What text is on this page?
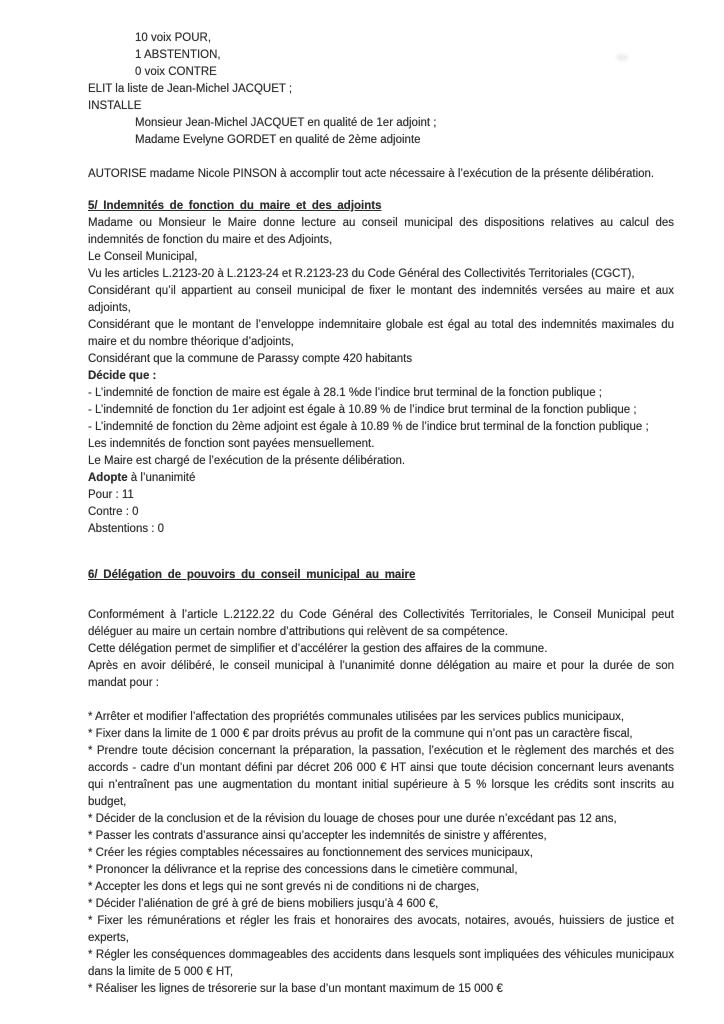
10 voix POUR,

1 ABSTENTION,

0 voix CONTRE

ELIT la liste de Jean-Michel JACQUET ;

INSTALLE

Monsieur Jean-Michel JACQUET en qualité de 1er adjoint ;

Madame Evelyne GORDET en qualité de 2ème adjointe

AUTORISE madame Nicole PINSON à accomplir tout acte nécessaire à l’exécution de la présente délibération.

5/ Indemnités de fonction du maire et des adjoints

Madame ou Monsieur le Maire donne lecture au conseil municipal des dispositions relatives au calcul des indemnités de fonction du maire et des Adjoints,

Le Conseil Municipal,

Vu les articles L.2123-20 à L.2123-24 et R.2123-23 du Code Général des Collectivités Territoriales (CGCT),

Considérant qu’il appartient au conseil municipal de fixer le montant des indemnités versées au maire et aux adjoints,

Considérant que le montant de l’enveloppe indemnitaire globale est égal au total des indemnités maximales du maire et du nombre théorique d’adjoints,

Considérant que la commune de Parassy compte 420 habitants

Décide que :

- L’indemnité de fonction de maire est égale à 28.1 %de l’indice brut terminal de la fonction publique ;

- L’indemnité de fonction du 1er adjoint est égale à 10.89 % de l’indice brut terminal de la fonction publique ;

- L’indemnité de fonction du 2ème adjoint est égale à 10.89 % de l’indice brut terminal de la fonction publique ;

Les indemnités de fonction sont payées mensuellement.

Le Maire est chargé de l’exécution de la présente délibération.

Adopte à l’unanimité

Pour : 11

Contre : 0

Abstentions : 0

6/ Délégation de pouvoirs du conseil municipal au maire

Conformément à l’article L.2122.22 du Code Général des Collectivités Territoriales, le Conseil Municipal peut déléguer au maire un certain nombre d’attributions qui relèvent de sa compétence.

Cette délégation permet de simplifier et d’accélérer la gestion des affaires de la commune.

Après en avoir délibéré, le conseil municipal à l’unanimité donne délégation au maire et pour la durée de son mandat pour :

* Arrêter et modifier l’affectation des propriétés communales utilisées par les services publics municipaux,

* Fixer dans la limite de 1 000 € par droits prévus au profit de la commune qui n’ont pas un caractère fiscal,

* Prendre toute décision concernant la préparation, la passation, l’exécution et le règlement des marchés et des accords - cadre d’un montant défini par décret 206 000 € HT ainsi que toute décision concernant leurs avenants qui n’entraînent pas une augmentation du montant initial supérieure à 5 % lorsque les crédits sont inscrits au budget,

* Décider de la conclusion et de la révision du louage de choses pour une durée n’excédant pas 12 ans,

* Passer les contrats d’assurance ainsi qu’accepter les indemnités de sinistre y afférentes,

* Créer les régies comptables nécessaires au fonctionnement des services municipaux,

* Prononcer la délivrance et la reprise des concessions dans le cimetière communal,

* Accepter les dons et legs qui ne sont grevés ni de conditions ni de charges,

* Décider l’aliénation de gré à gré de biens mobiliers jusqu’à 4 600 €,

* Fixer les rémunérations et régler les frais et honoraires des avocats, notaires, avoués, huissiers de justice et experts,

* Régler les conséquences dommageables des accidents dans lesquels sont impliquées des véhicules municipaux dans la limite de 5 000 € HT,

* Réaliser les lignes de trésorerie sur la base d’un montant maximum de 15 000 €
